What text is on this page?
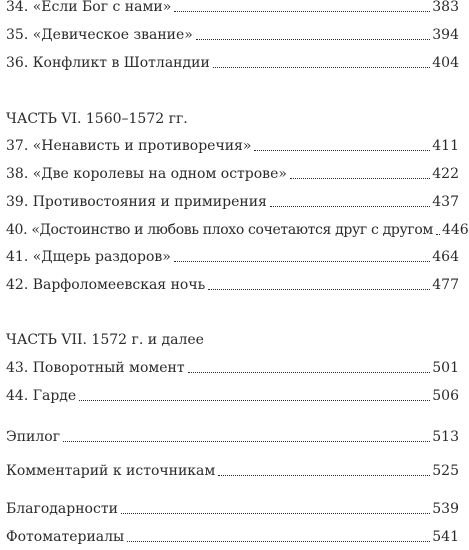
34. «Если Бог с нами»	383
35. «Девическое звание»	394
36. Конфликт в Шотландии	404
ЧАСТЬ VI. 1560–1572 гг.
37. «Ненависть и противоречия»	411
38. «Две королевы на одном острове»	422
39. Противостояния и примирения	437
40. «Достоинство и любовь плохо сочетаются друг с другом 446
41. «Дщерь раздоров»	464
42. Варфоломеевская ночь	477
ЧАСТЬ VII. 1572 г. и далее
43. Поворотный момент	501
44. Гарде	506
Эпилог	513
Комментарий к источникам	525
Благодарности	539
Фотоматериалы	541
